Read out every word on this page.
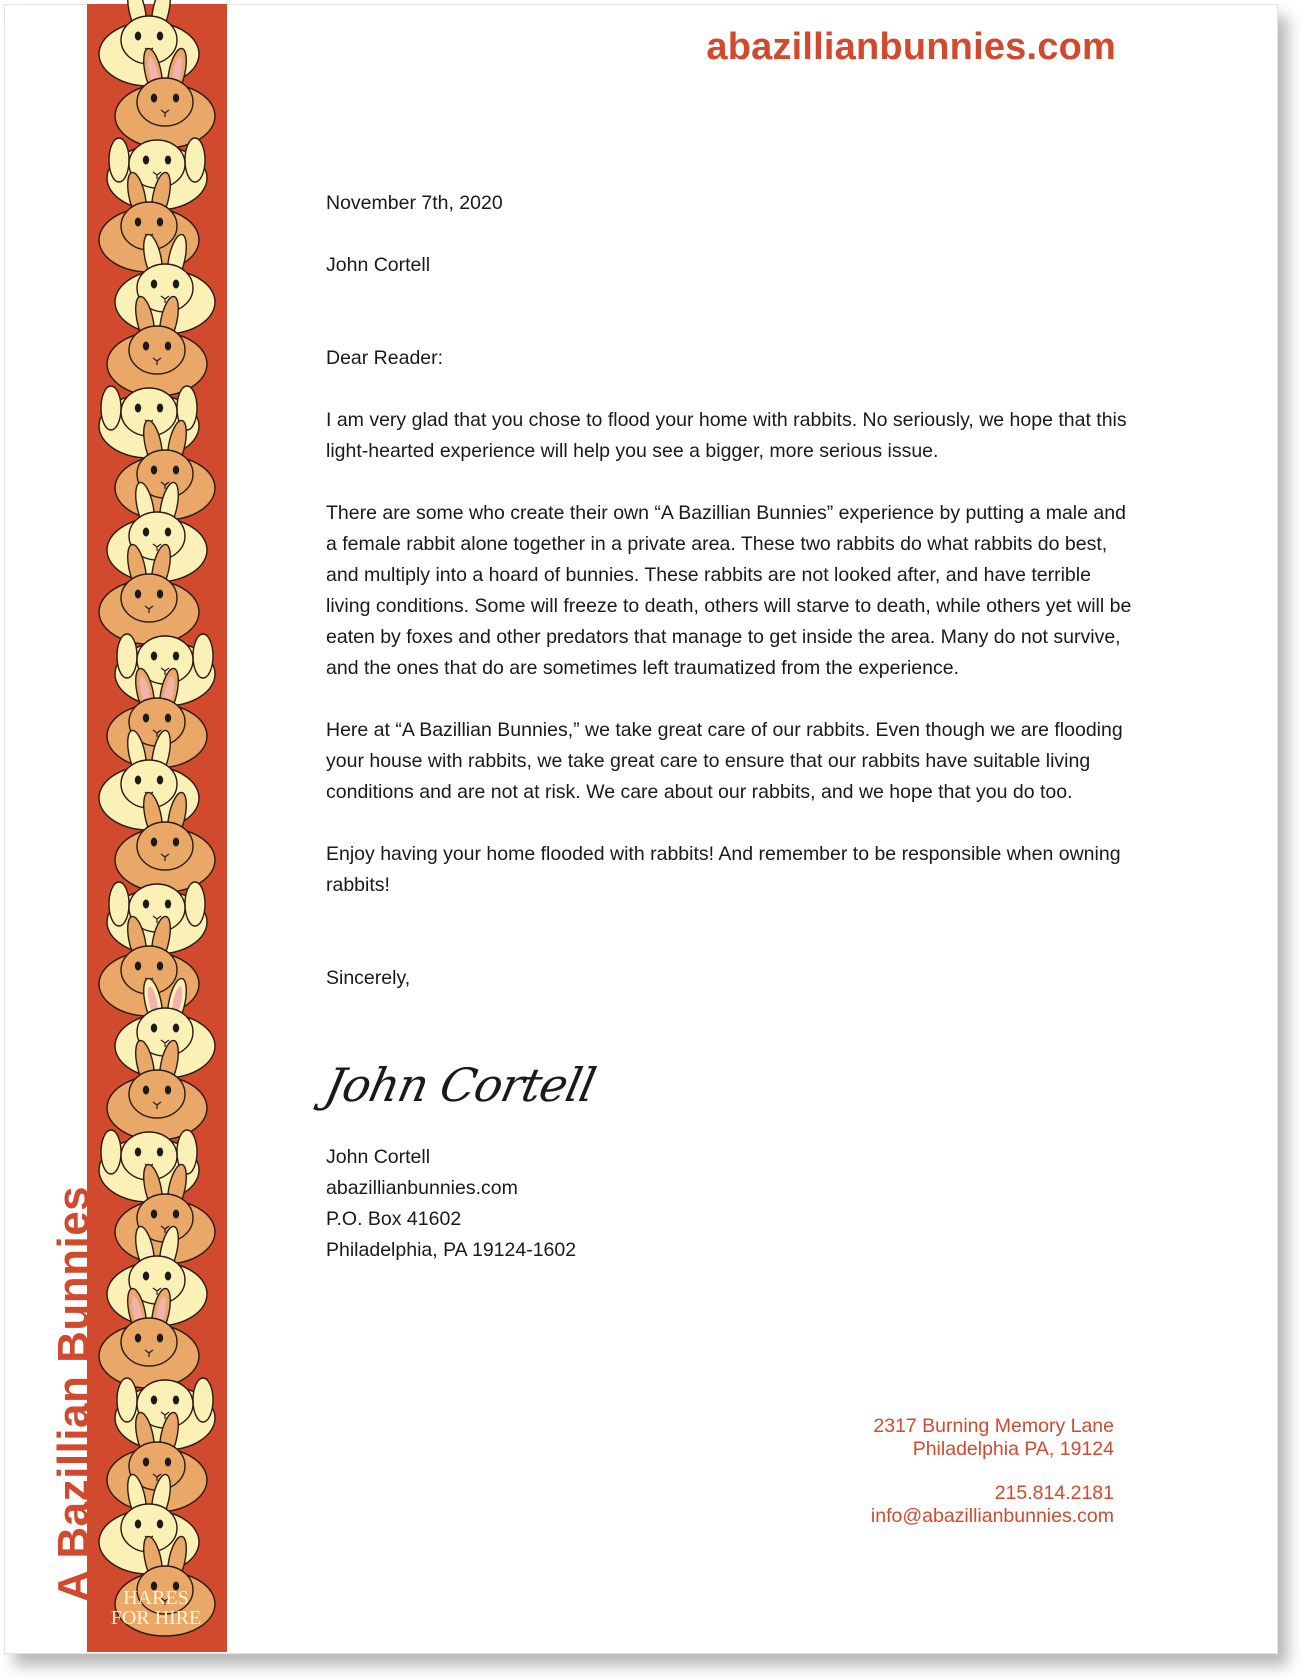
A Bazillian Bunnies	HARES
FOR HIRE
abazillianbunnies.com

November 7th, 2020

John Cortell

Dear Reader:

I am very glad that you chose to flood your home with rabbits. No seriously, we hope that this light-hearted experience will help you see a bigger, more serious issue.

There are some who create their own “A Bazillian Bunnies” experience by putting a male and a female rabbit alone together in a private area. These two rabbits do what rabbits do best, and multiply into a hoard of bunnies. These rabbits are not looked after, and have terrible living conditions. Some will freeze to death, others will starve to death, while others yet will be eaten by foxes and other predators that manage to get inside the area. Many do not survive, and the ones that do are sometimes left traumatized from the experience.

Here at “A Bazillian Bunnies,” we take great care of our rabbits. Even though we are flooding your house with rabbits, we take great care to ensure that our rabbits have suitable living conditions and are not at risk. We care about our rabbits, and we hope that you do too.

Enjoy having your home flooded with rabbits! And remember to be responsible when owning rabbits!

Sincerely,

John Cortell
John Cortell
abazillianbunnies.com
P.O. Box 41602
Philadelphia, PA 19124-1602
2317 Burning Memory Lane
Philadelphia PA, 19124
215.814.2181
info@abazillianbunnies.com
